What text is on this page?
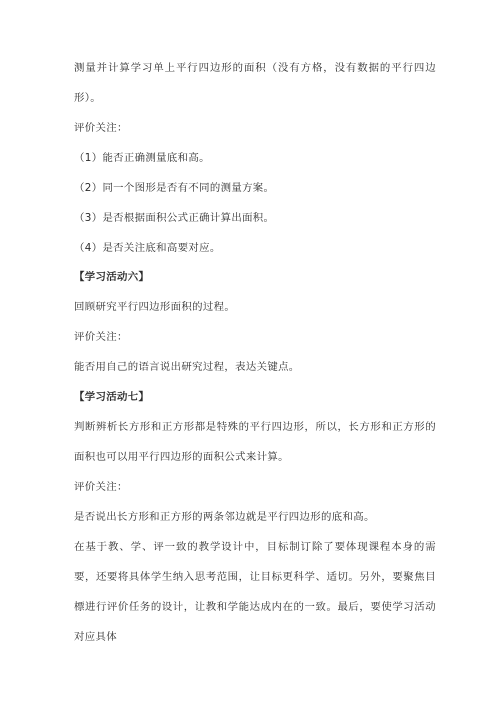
测量并计算学习单上平行四边形的面积（没有方格，没有数据的平行四边形）。

评价关注：

（1）能否正确测量底和高。

（2）同一个图形是否有不同的测量方案。

（3）是否根据面积公式正确计算出面积。

（4）是否关注底和高要对应。

【学习活动六】

回顾研究平行四边形面积的过程。

评价关注：

能否用自己的语言说出研究过程，表达关键点。

【学习活动七】

判断辨析长方形和正方形都是特殊的平行四边形，所以，长方形和正方形的面积也可以用平行四边形的面积公式来计算。

评价关注：

是否说出长方形和正方形的两条邻边就是平行四边形的底和高。

在基于教、学、评一致的教学设计中，目标制订除了要体现课程本身的需要，还要将具体学生纳入思考范围，让目标更科学、适切。另外，要聚焦目標进行评价任务的设计，让教和学能达成内在的一致。最后，要使学习活动对应具体
